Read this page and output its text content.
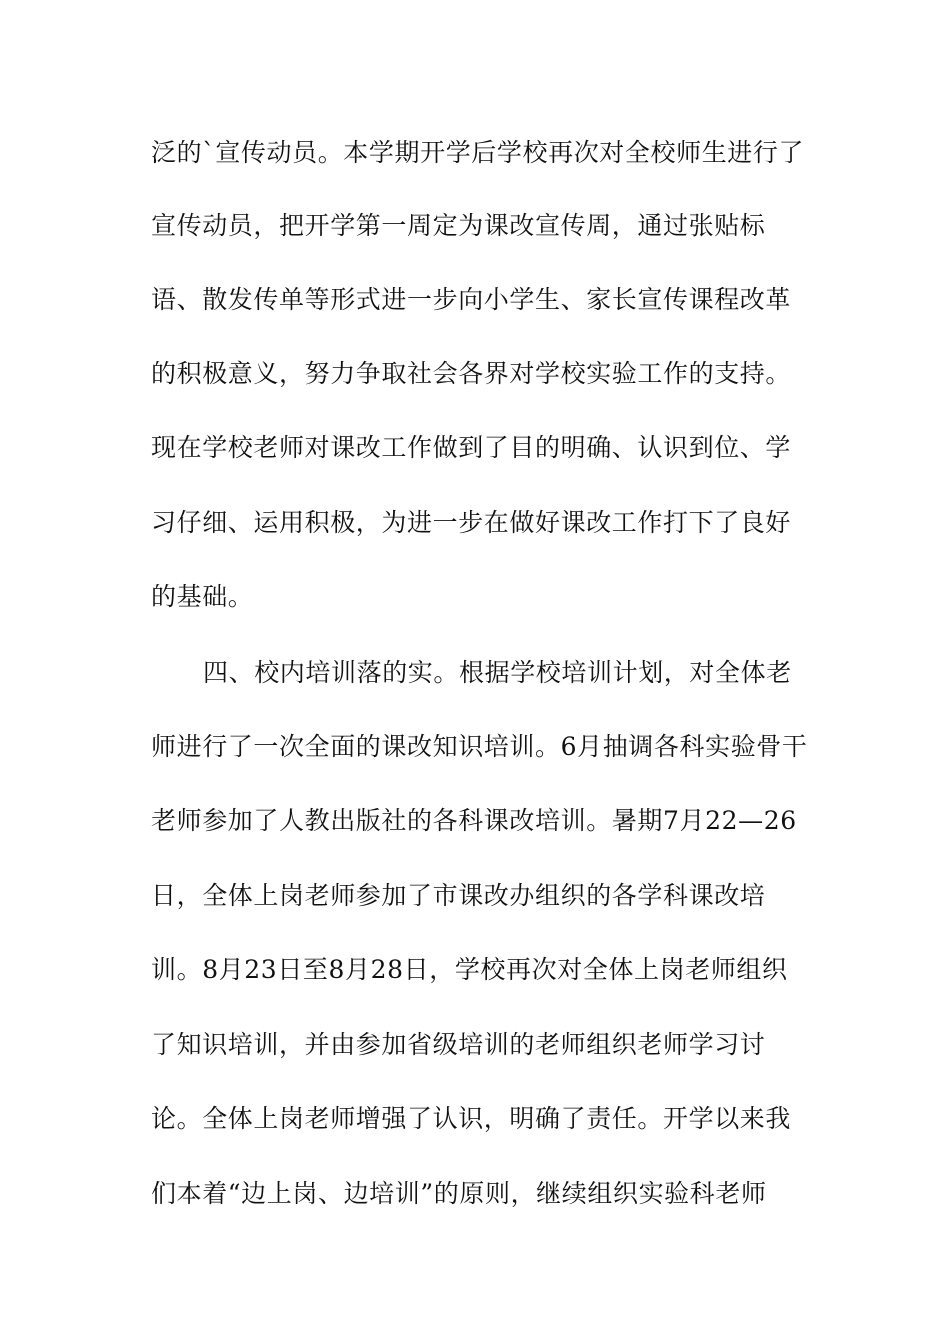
泛的`宣传动员。本学期开学后学校再次对全校师生进行了
宣传动员，把开学第一周定为课改宣传周，通过张贴标
语、散发传单等形式进一步向小学生、家长宣传课程改革
的积极意义，努力争取社会各界对学校实验工作的支持。
现在学校老师对课改工作做到了目的明确、认识到位、学
习仔细、运用积极，为进一步在做好课改工作打下了良好
的基础。
四、校内培训落的实。根据学校培训计划，对全体老
师进行了一次全面的课改知识培训。6月抽调各科实验骨干
老师参加了人教出版社的各科课改培训。暑期7月22—26
日，全体上岗老师参加了市课改办组织的各学科课改培
训。8月23日至8月28日，学校再次对全体上岗老师组织
了知识培训，并由参加省级培训的老师组织老师学习讨
论。全体上岗老师增强了认识，明确了责任。开学以来我
们本着“边上岗、边培训”的原则，继续组织实验科老师
